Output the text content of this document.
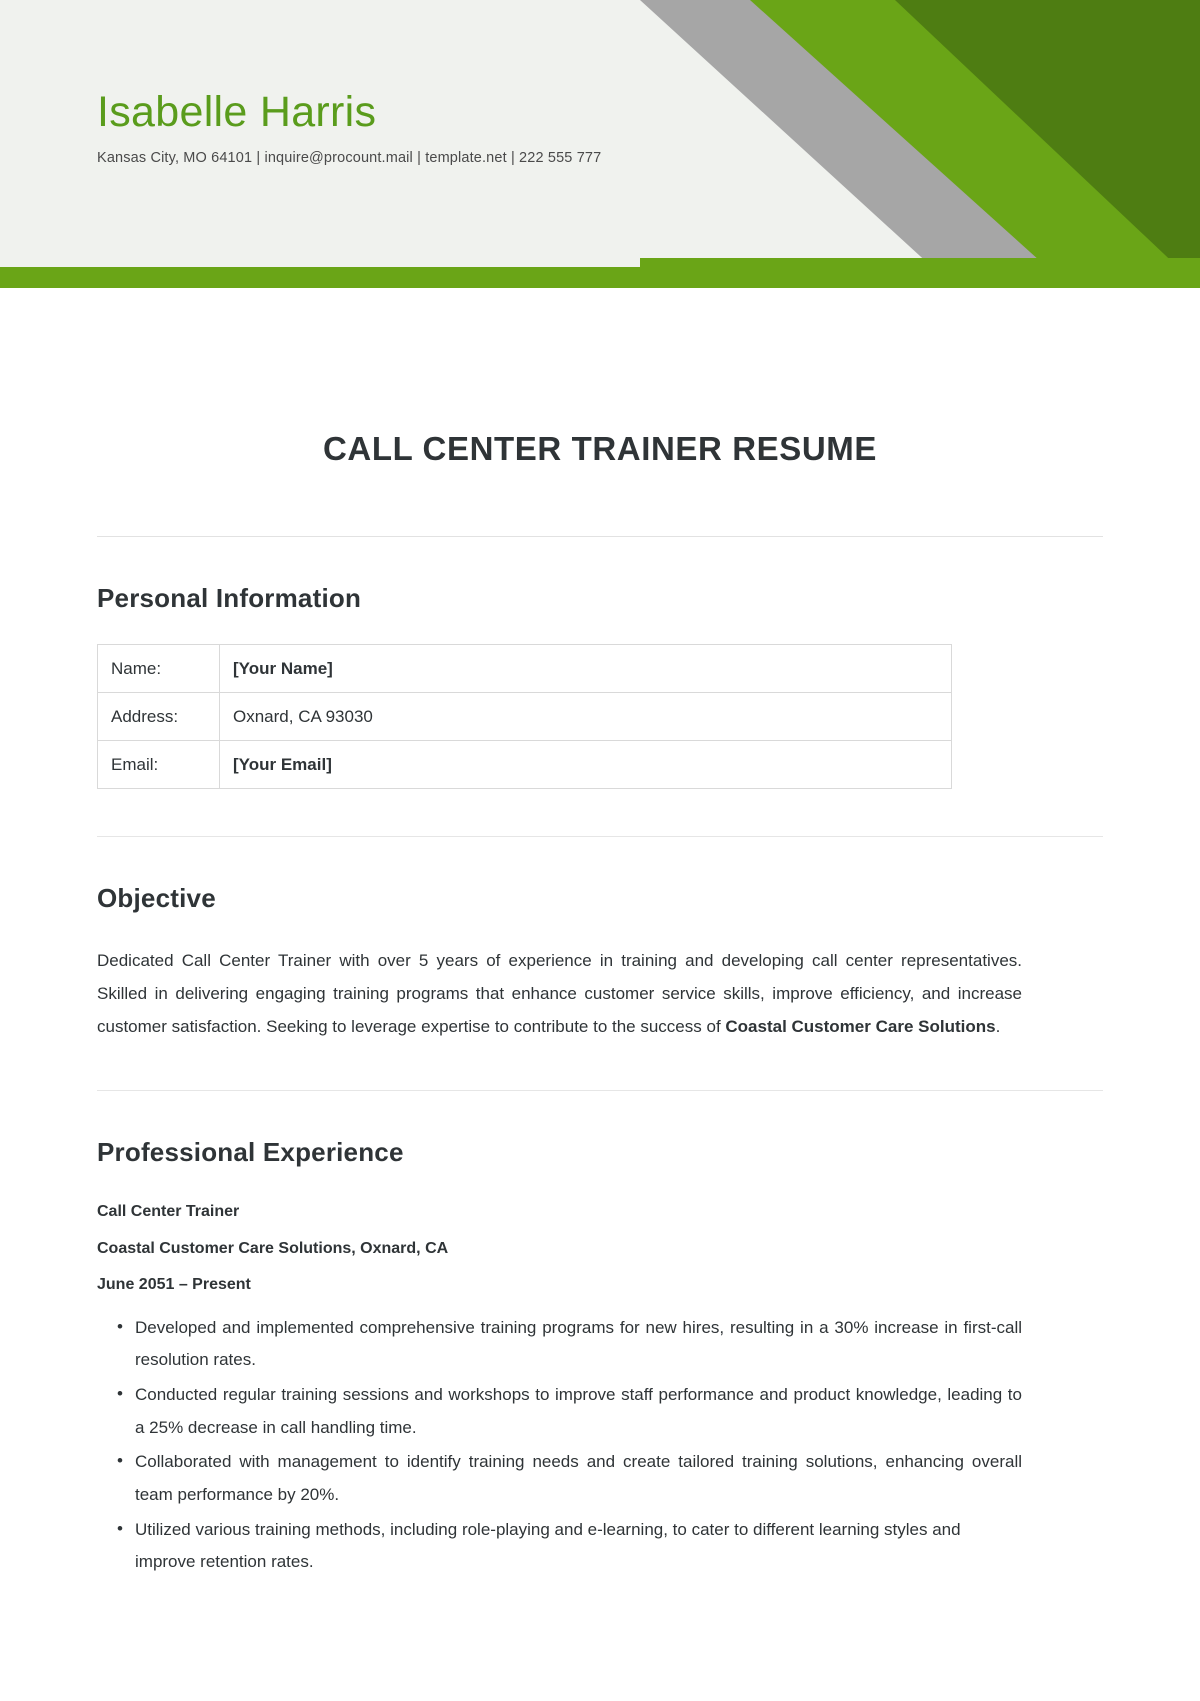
Isabelle Harris
Kansas City, MO 64101 | inquire@procount.mail | template.net | 222 555 777
CALL CENTER TRAINER RESUME
Personal Information
Name:	[Your Name]
Address:	Oxnard, CA 93030
Email:	[Your Email]
Objective

Dedicated Call Center Trainer with over 5 years of experience in training and developing call center representatives. Skilled in delivering engaging training programs that enhance customer service skills, improve efficiency, and increase customer satisfaction. Seeking to leverage expertise to contribute to the success of Coastal Customer Care Solutions.

Professional Experience
Call Center Trainer
Coastal Customer Care Solutions, Oxnard, CA
June 2051 – Present
• Developed and implemented comprehensive training programs for new hires, resulting in a 30% increase in first-call resolution rates.
• Conducted regular training sessions and workshops to improve staff performance and product knowledge, leading to a 25% decrease in call handling time.
• Collaborated with management to identify training needs and create tailored training solutions, enhancing overall team performance by 20%.
• Utilized various training methods, including role-playing and e-learning, to cater to different learning styles and improve retention rates.
